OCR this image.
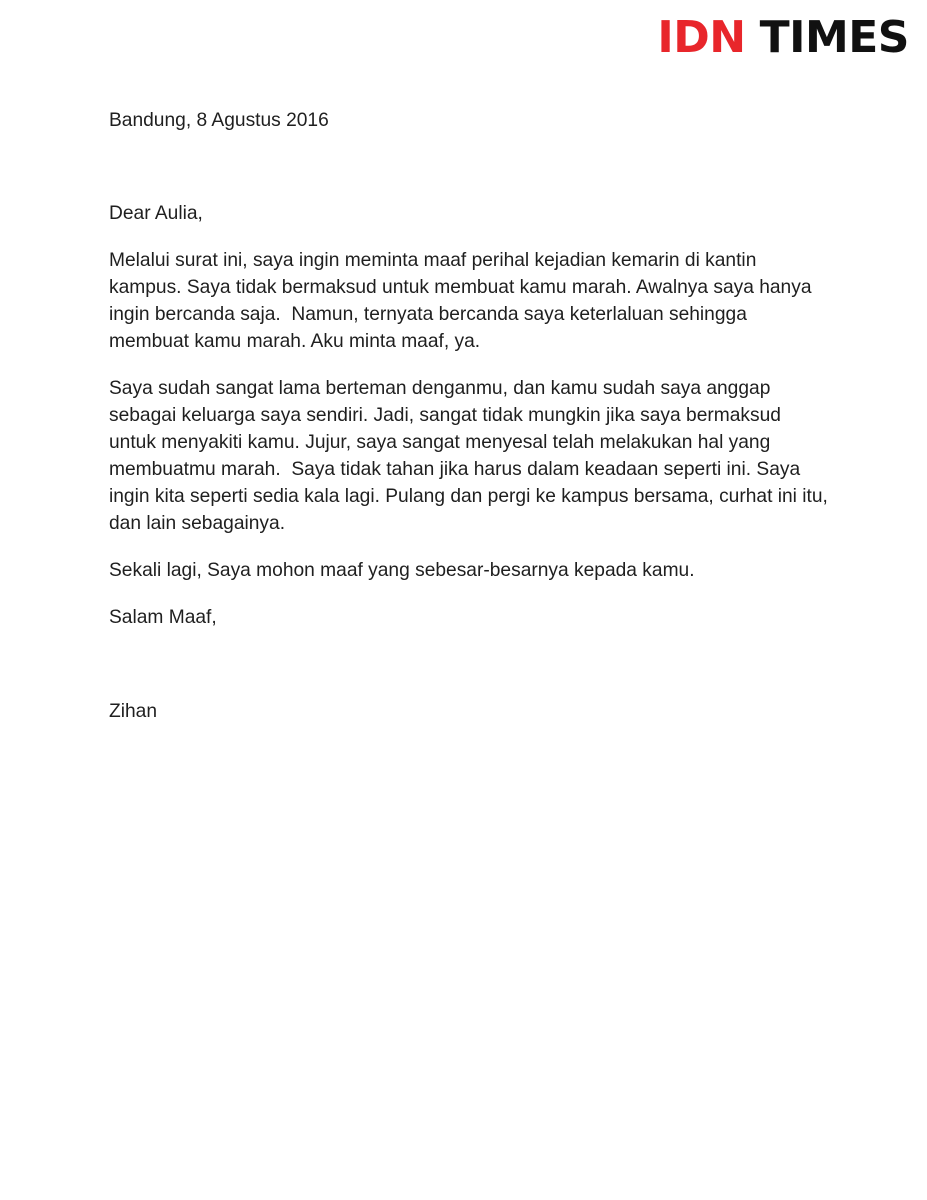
IDN TIMES

Bandung, 8 Agustus 2016

Dear Aulia,

Melalui surat ini, saya ingin meminta maaf perihal kejadian kemarin di kantin kampus. Saya tidak bermaksud untuk membuat kamu marah. Awalnya saya hanya ingin bercanda saja.  Namun, ternyata bercanda saya keterlaluan sehingga membuat kamu marah. Aku minta maaf, ya.

Saya sudah sangat lama berteman denganmu, dan kamu sudah saya anggap sebagai keluarga saya sendiri. Jadi, sangat tidak mungkin jika saya bermaksud untuk menyakiti kamu. Jujur, saya sangat menyesal telah melakukan hal yang membuatmu marah.  Saya tidak tahan jika harus dalam keadaan seperti ini. Saya ingin kita seperti sedia kala lagi. Pulang dan pergi ke kampus bersama, curhat ini itu, dan lain sebagainya.

Sekali lagi, Saya mohon maaf yang sebesar-besarnya kepada kamu.

Salam Maaf,

Zihan
